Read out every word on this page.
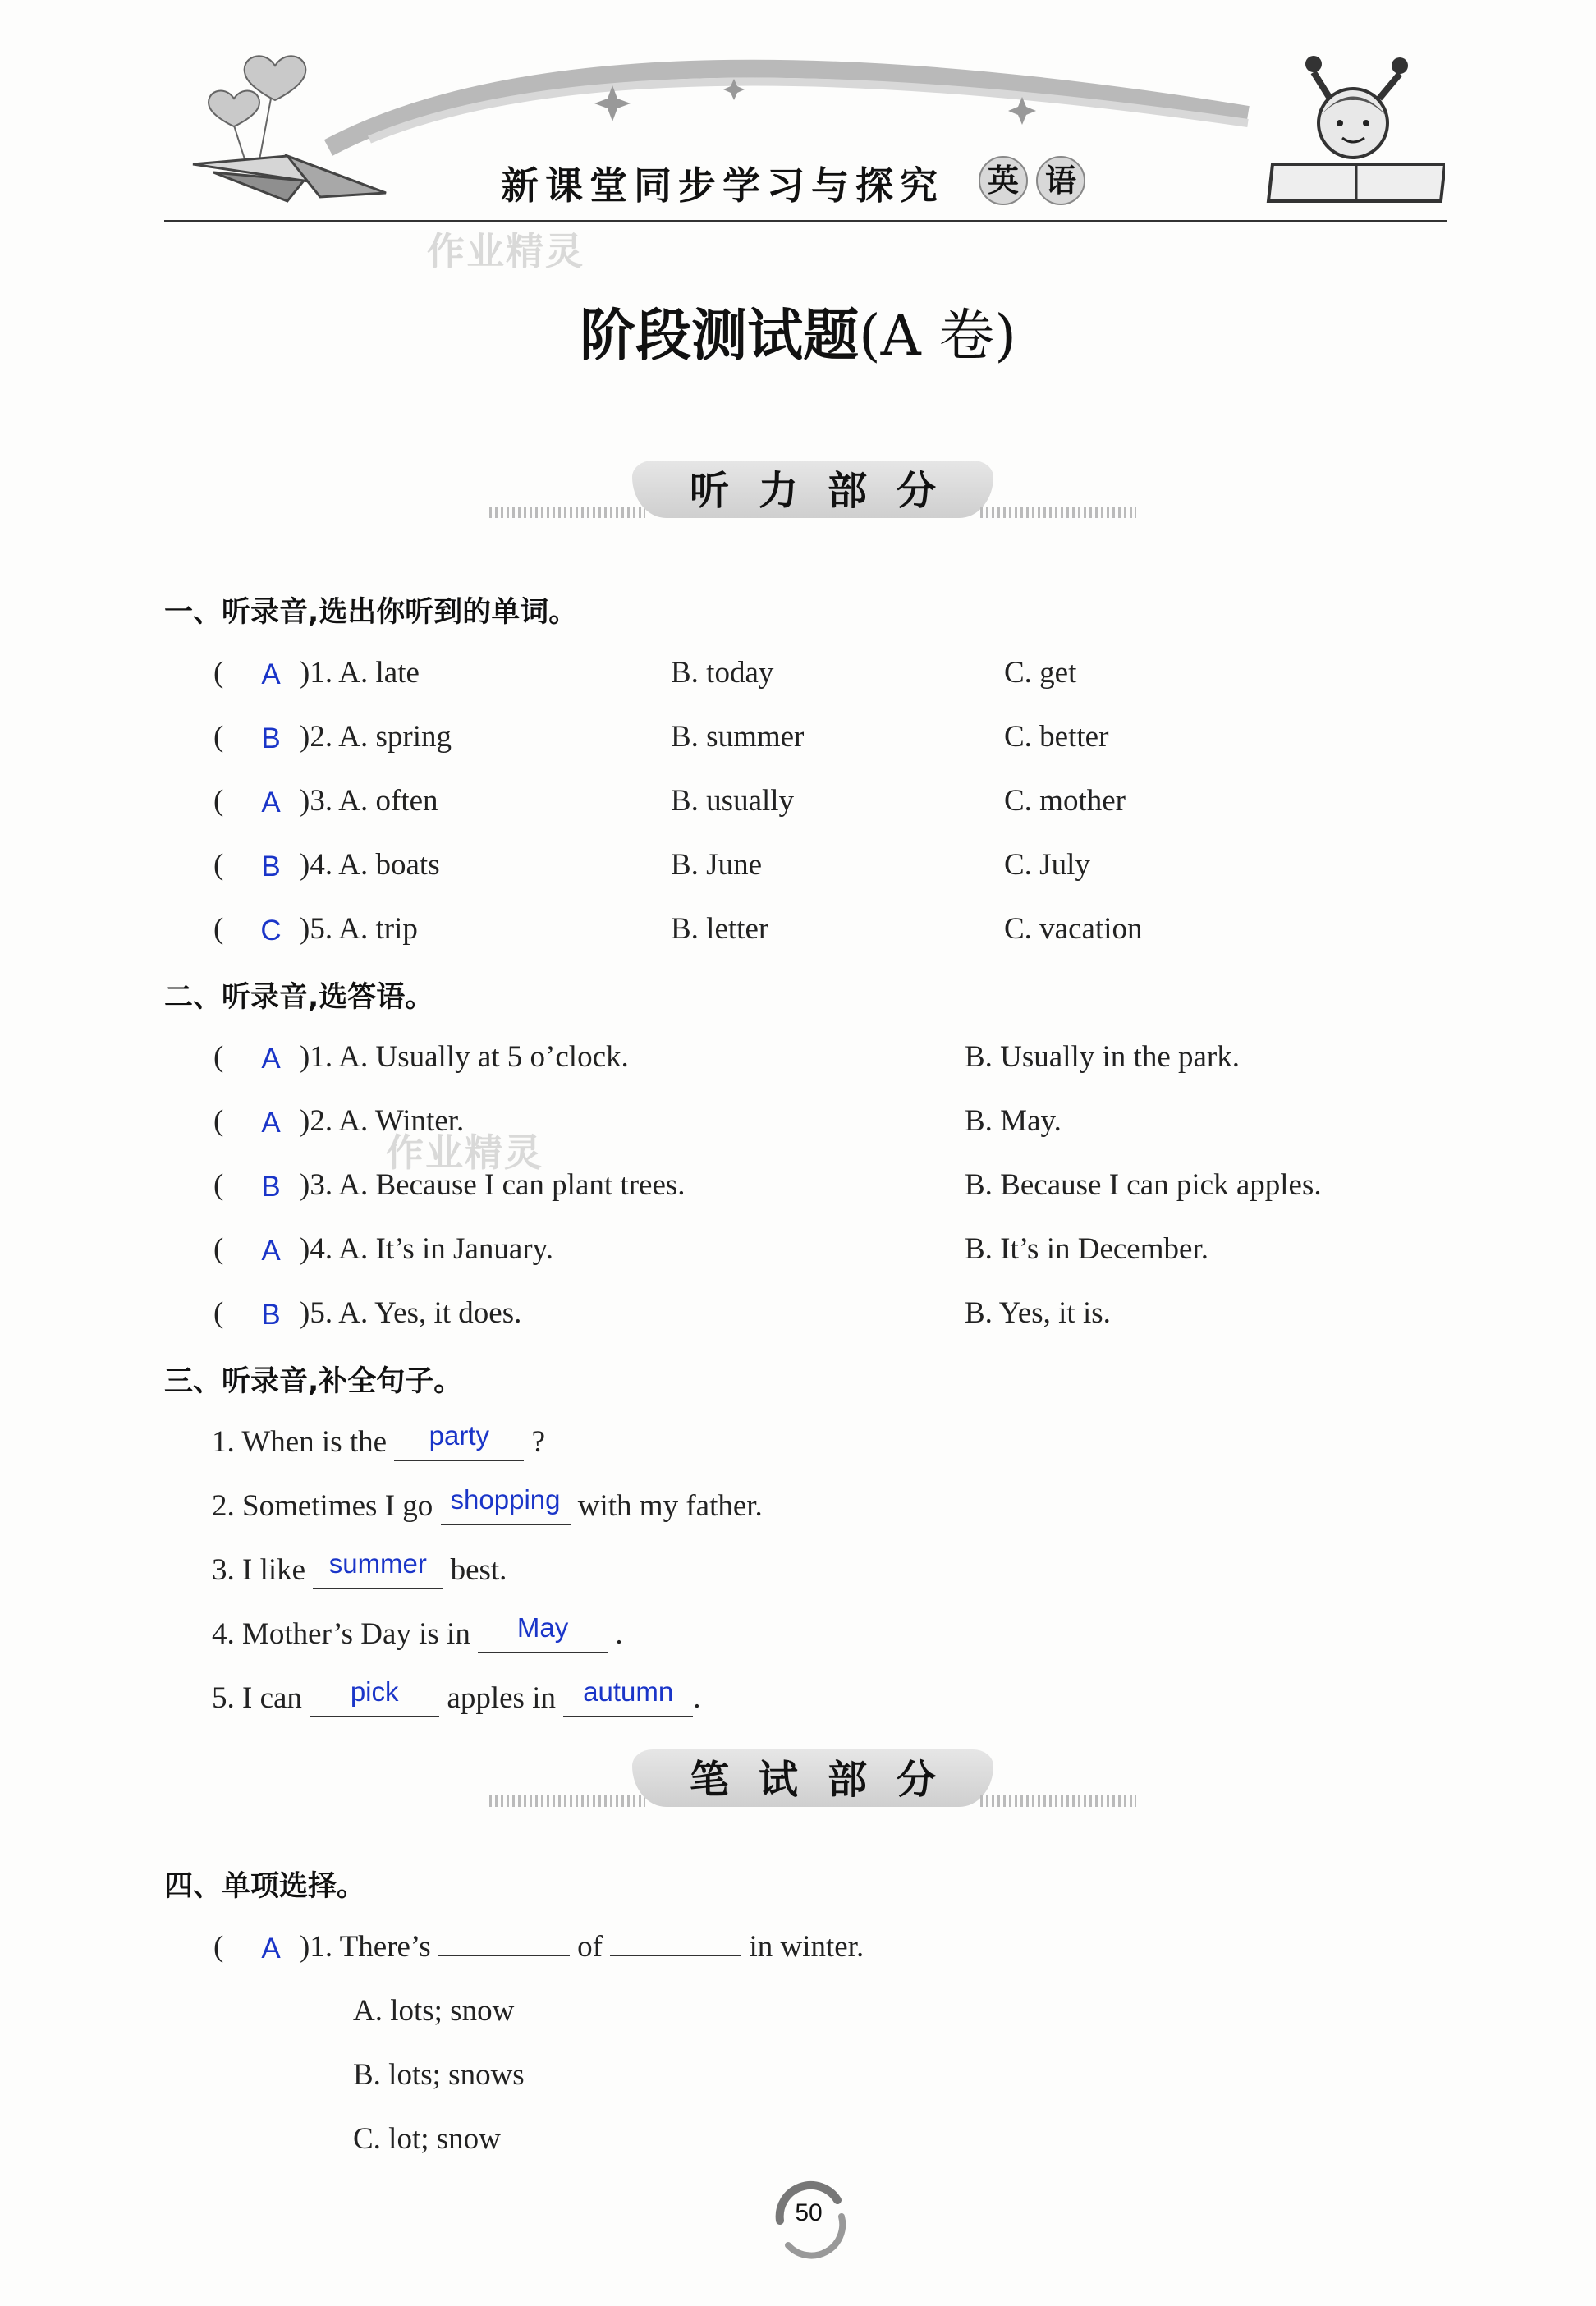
新课堂同步学习与探究 英 语
作业精灵
作业精灵
阶段测试题(A 卷)
听力部分
一、听录音,选出你听到的单词。
( A )1. A. late	B. today	C. get
( B )2. A. spring	B. summer	C. better
( A )3. A. often	B. usually	C. mother
( B )4. A. boats	B. June	C. July
( C )5. A. trip	B. letter	C. vacation
二、听录音,选答语。
( A )1. A. Usually at 5 o’clock.	B. Usually in the park.
( A )2. A. Winter.	B. May.
( B )3. A. Because I can plant trees.	B. Because I can pick apples.
( A )4. A. It’s in January.	B. It’s in December.
( B )5. A. Yes, it does.	B. Yes, it is.
三、听录音,补全句子。
1. When is the party ?
2. Sometimes I go shopping with my father.
3. I like summer best.
4. Mother’s Day is in May .
5. I can pick apples in autumn .
笔试部分
四、单项选择。
( A )1. There’s	of	in winter.
A. lots; snow
B. lots; snows
C. lot; snow
50
